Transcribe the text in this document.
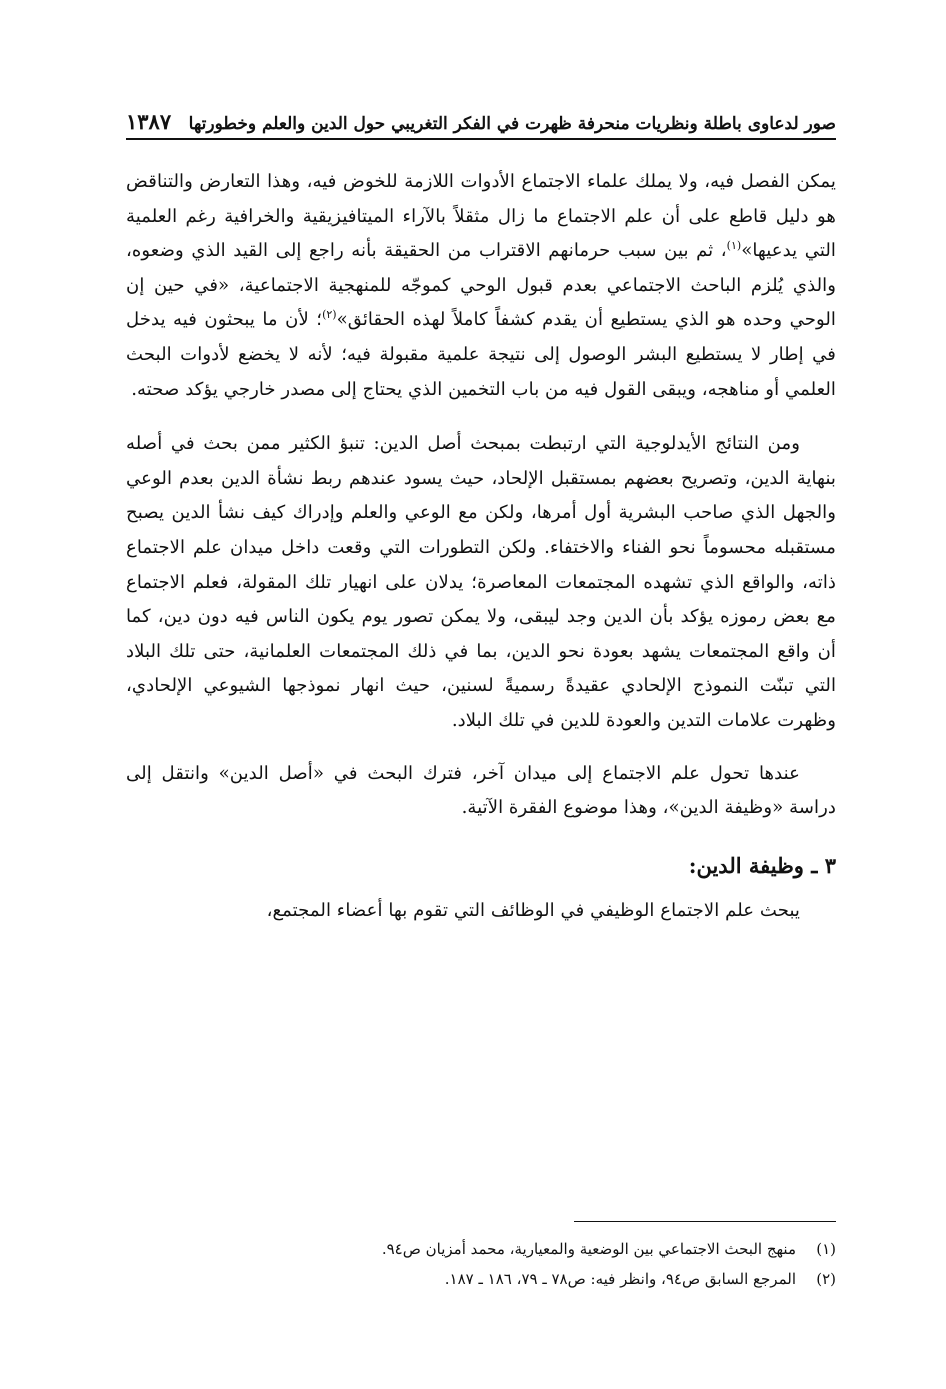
صور لدعاوى باطلة ونظريات منحرفة ظهرت في الفكر التغريبي حول الدين والعلم وخطورتها
١٣٨٧

يمكن الفصل فيه، ولا يملك علماء الاجتماع الأدوات اللازمة للخوض فيه، وهذا التعارض والتناقض هو دليل قاطع على أن علم الاجتماع ما زال مثقلاً بالآراء الميتافيزيقية والخرافية رغم العلمية التي يدعيها»$^{(١)}$، ثم بين سبب حرمانهم الاقتراب من الحقيقة بأنه راجع إلى القيد الذي وضعوه، والذي يُلزم الباحث الاجتماعي بعدم قبول الوحي كموجّه للمنهجية الاجتماعية، «في حين إن الوحي وحده هو الذي يستطيع أن يقدم كشفاً كاملاً لهذه الحقائق»$^{(٢)}$؛ لأن ما يبحثون فيه يدخل في إطار لا يستطيع البشر الوصول إلى نتيجة علمية مقبولة فيه؛ لأنه لا يخضع لأدوات البحث العلمي أو مناهجه، ويبقى القول فيه من باب التخمين الذي يحتاج إلى مصدر خارجي يؤكد صحته.

ومن النتائج الأيدلوجية التي ارتبطت بمبحث أصل الدين: تنبؤ الكثير ممن بحث في أصله بنهاية الدين، وتصريح بعضهم بمستقبل الإلحاد، حيث يسود عندهم ربط نشأة الدين بعدم الوعي والجهل الذي صاحب البشرية أول أمرها، ولكن مع الوعي والعلم وإدراك كيف نشأ الدين يصبح مستقبله محسوماً نحو الفناء والاختفاء. ولكن التطورات التي وقعت داخل ميدان علم الاجتماع ذاته، والواقع الذي تشهده المجتمعات المعاصرة؛ يدلان على انهيار تلك المقولة، فعلم الاجتماع مع بعض رموزه يؤكد بأن الدين وجد ليبقى، ولا يمكن تصور يوم يكون الناس فيه دون دين، كما أن واقع المجتمعات يشهد بعودة نحو الدين، بما في ذلك المجتمعات العلمانية، حتى تلك البلاد التي تبنّت النموذج الإلحادي عقيدةً رسميةً لسنين، حيث انهار نموذجها الشيوعي الإلحادي، وظهرت علامات التدين والعودة للدين في تلك البلاد.

عندها تحول علم الاجتماع إلى ميدان آخر، فترك البحث في «أصل الدين» وانتقل إلى دراسة «وظيفة الدين»، وهذا موضوع الفقرة الآتية.

٣ ـ وظيفة الدين:

يبحث علم الاجتماع الوظيفي في الوظائف التي تقوم بها أعضاء المجتمع،

(١)
منهج البحث الاجتماعي بين الوضعية والمعيارية، محمد أمزيان ص٩٤.
(٢)
المرجع السابق ص٩٤، وانظر فيه: ص٧٨ ـ ٧٩، ١٨٦ ـ ١٨٧.
